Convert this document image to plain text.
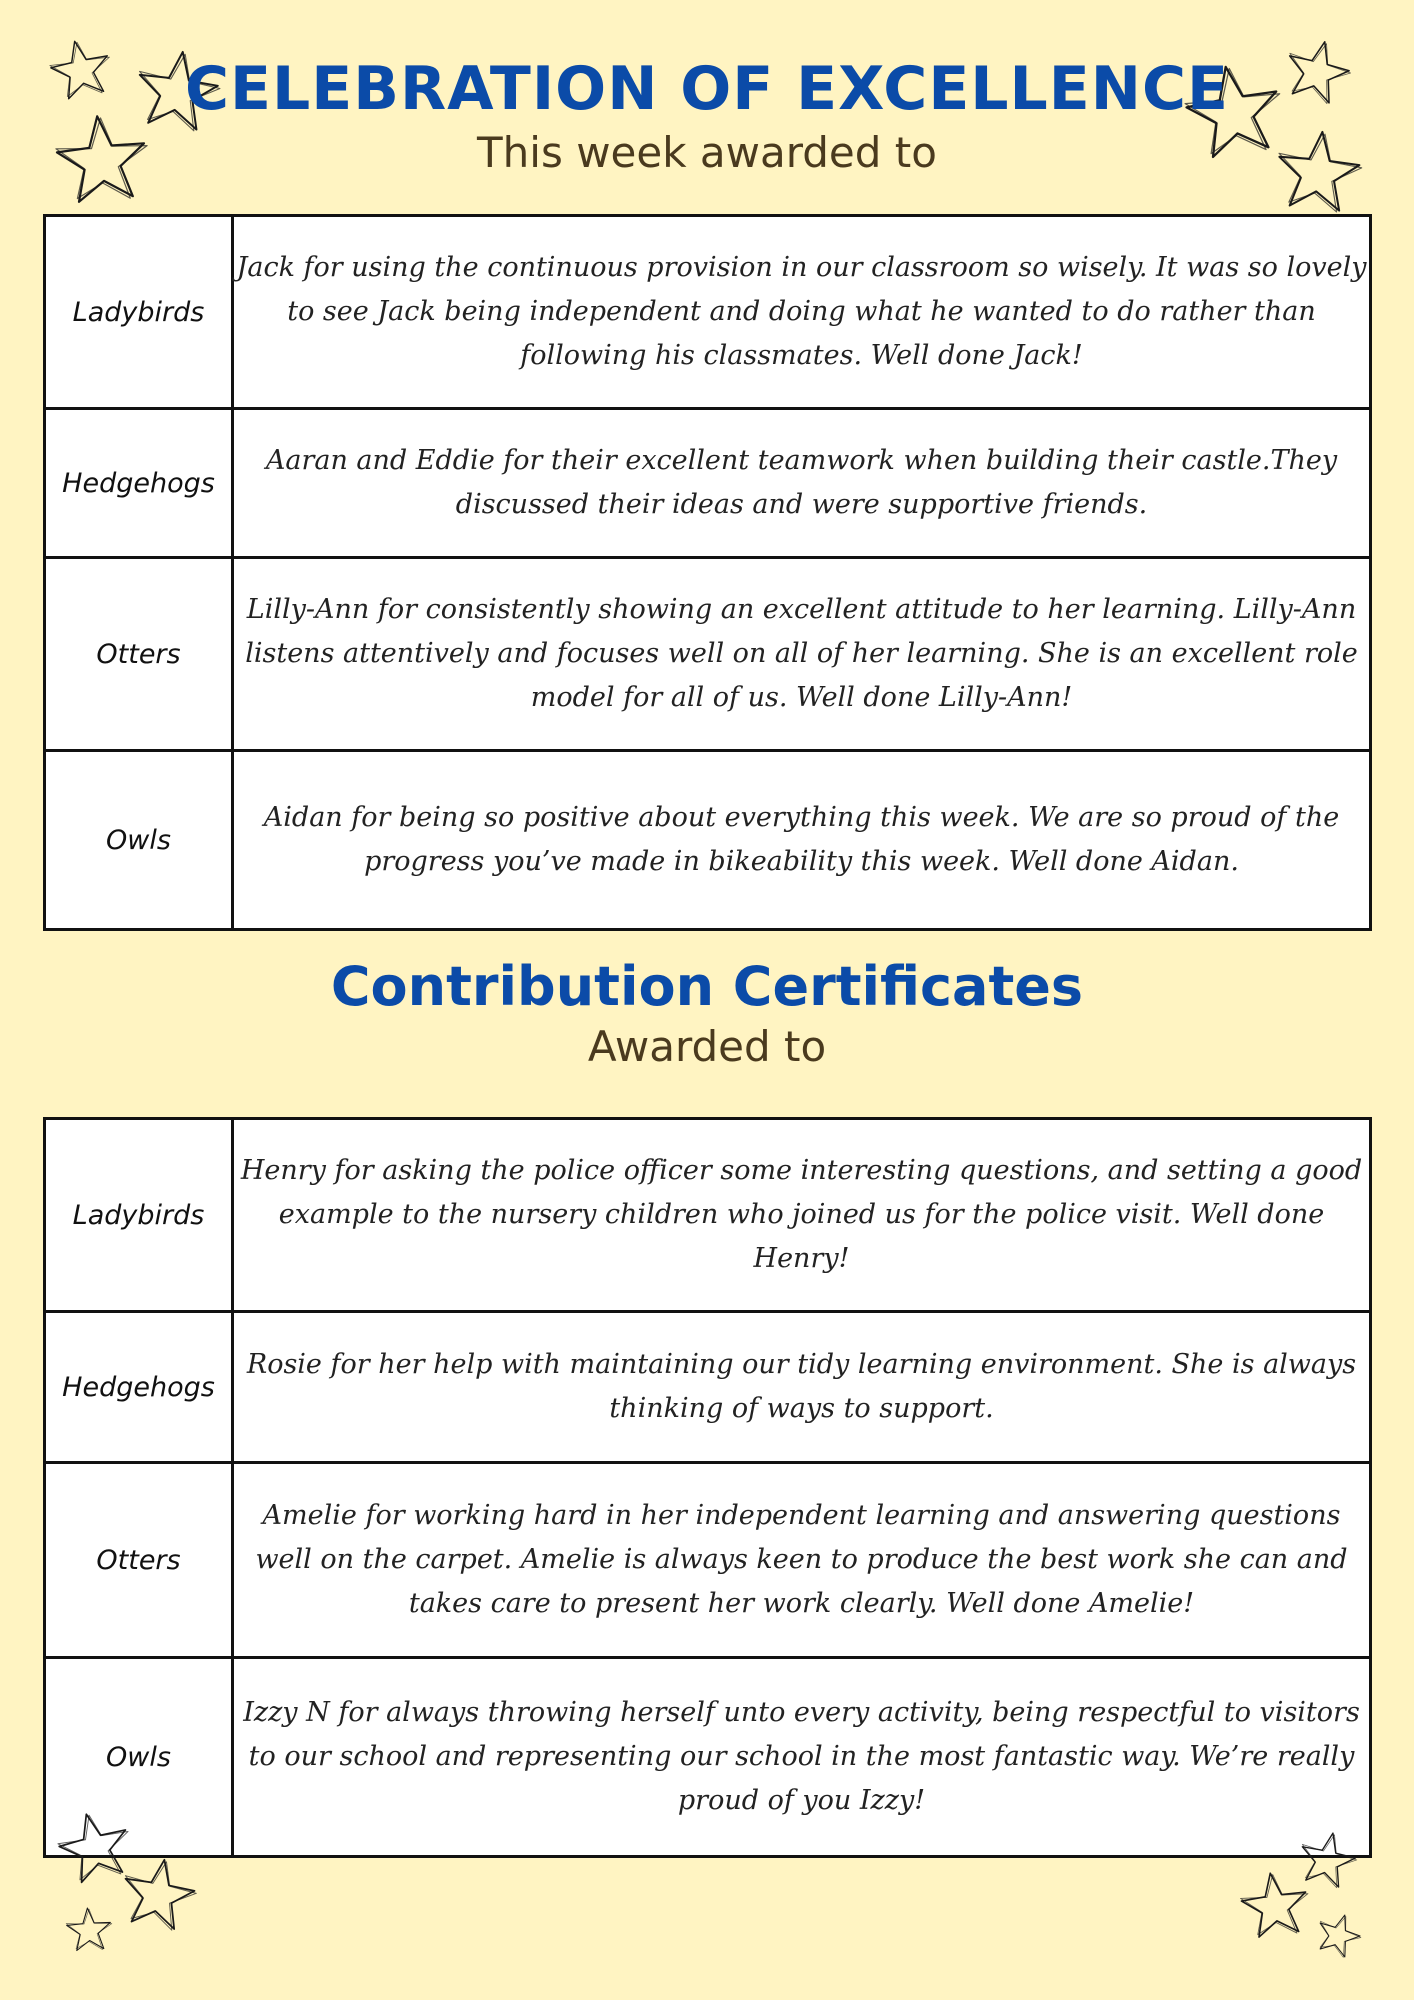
CELEBRATION OF EXCELLENCE
This week awarded to
Ladybirds	Jack for using the continuous provision in our classroom so wisely. It was so lovely to see Jack being independent and doing what he wanted to do rather than following his classmates. Well done Jack!
Hedgehogs	Aaran and Eddie for their excellent teamwork when building their castle.They discussed their ideas and were supportive friends.
Otters	Lilly-Ann for consistently showing an excellent attitude to her learning. Lilly-Ann listens attentively and focuses well on all of her learning. She is an excellent role model for all of us. Well done Lilly-Ann!
Owls	Aidan for being so positive about everything this week. We are so proud of the progress you’ve made in bikeability this week. Well done Aidan.
Contribution Certificates
Awarded to
Ladybirds	Henry for asking the police officer some interesting questions, and setting a good example to the nursery children who joined us for the police visit. Well done Henry!
Hedgehogs	Rosie for her help with maintaining our tidy learning environment. She is always thinking of ways to support.
Otters	Amelie for working hard in her independent learning and answering questions well on the carpet. Amelie is always keen to produce the best work she can and takes care to present her work clearly. Well done Amelie!
Owls	Izzy N for always throwing herself unto every activity, being respectful to visitors to our school and representing our school in the most fantastic way. We’re really proud of you Izzy!
